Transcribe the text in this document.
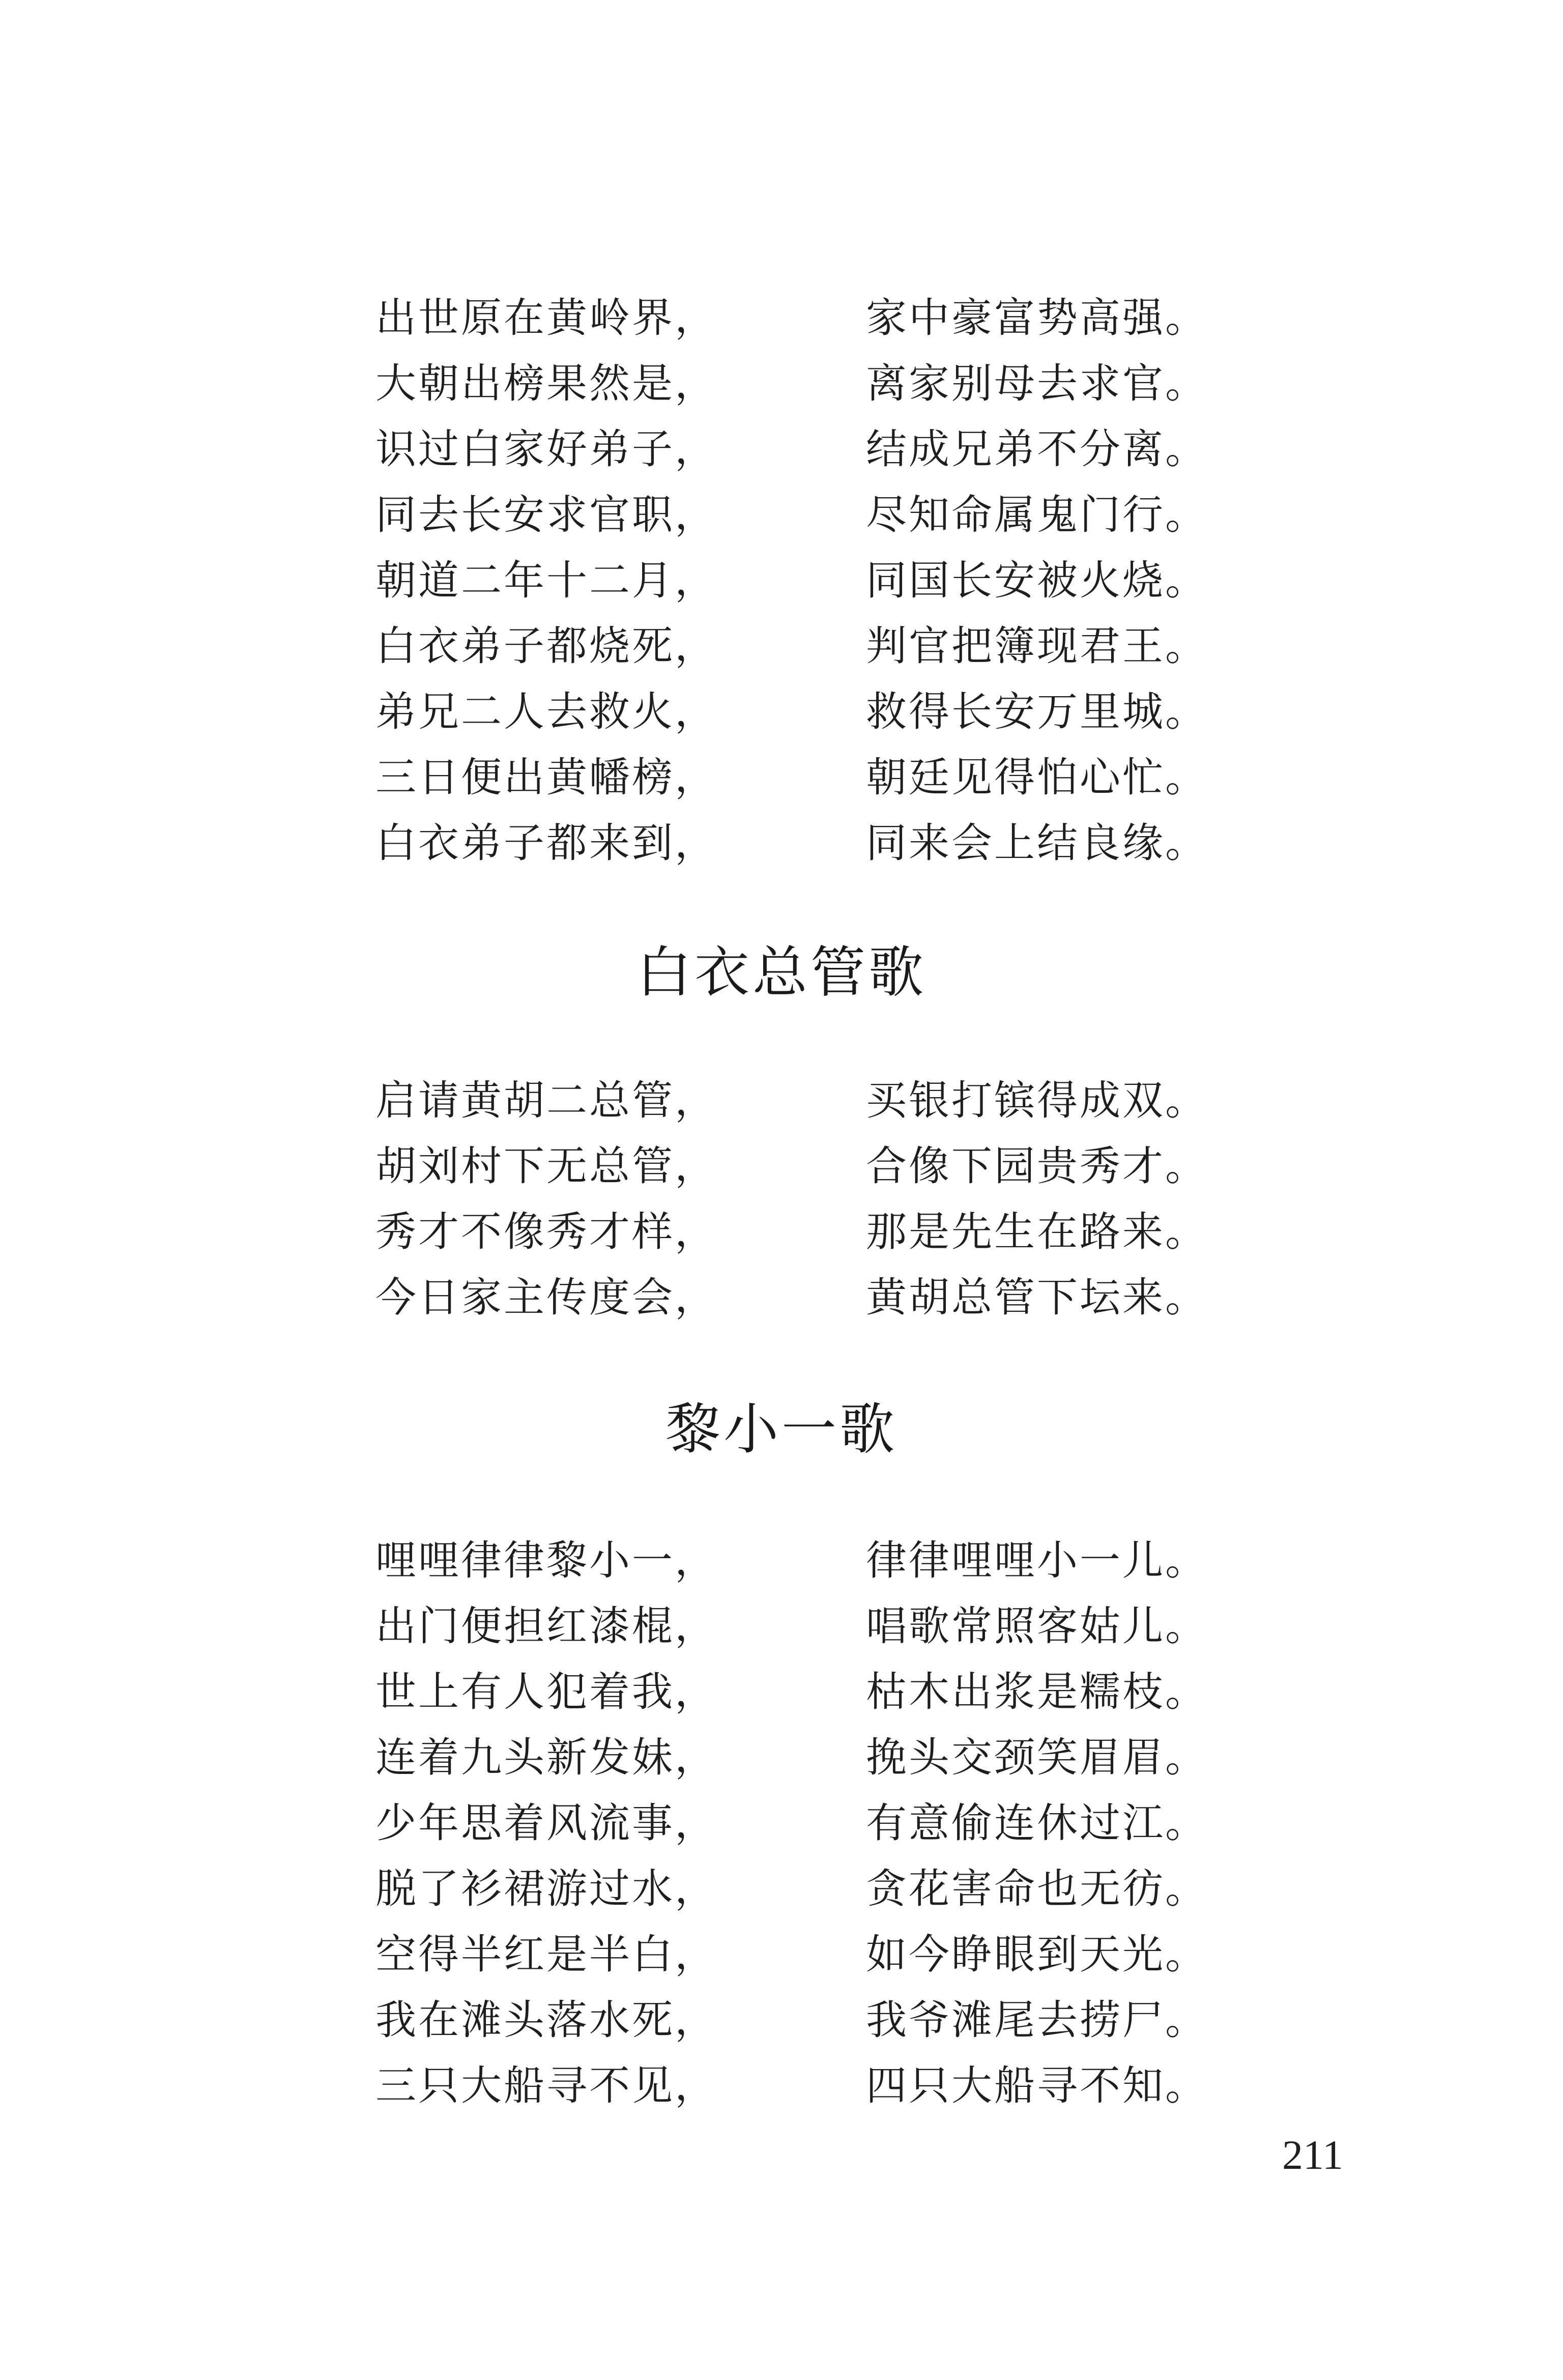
出世原在黄岭界，	家中豪富势高强。
大朝出榜果然是，	离家别母去求官。
识过白家好弟子，	结成兄弟不分离。
同去长安求官职，	尽知命属鬼门行。
朝道二年十二月，	同国长安被火烧。
白衣弟子都烧死，	判官把簿现君王。
弟兄二人去救火，	救得长安万里城。
三日便出黄幡榜，	朝廷见得怕心忙。
白衣弟子都来到，	同来会上结良缘。
白衣总管歌
启请黄胡二总管，	买银打镔得成双。
胡刘村下无总管，	合像下园贵秀才。
秀才不像秀才样，	那是先生在路来。
今日家主传度会，	黄胡总管下坛来。
黎小一歌
哩哩律律黎小一，	律律哩哩小一儿。
出门便担红漆棍，	唱歌常照客姑儿。
世上有人犯着我，	枯木出浆是糯枝。
连着九头新发妹，	挽头交颈笑眉眉。
少年思着风流事，	有意偷连休过江。
脱了衫裙游过水，	贪花害命也无彷。
空得半红是半白，	如今睁眼到天光。
我在滩头落水死，	我爷滩尾去捞尸。
三只大船寻不见，	四只大船寻不知。
211
